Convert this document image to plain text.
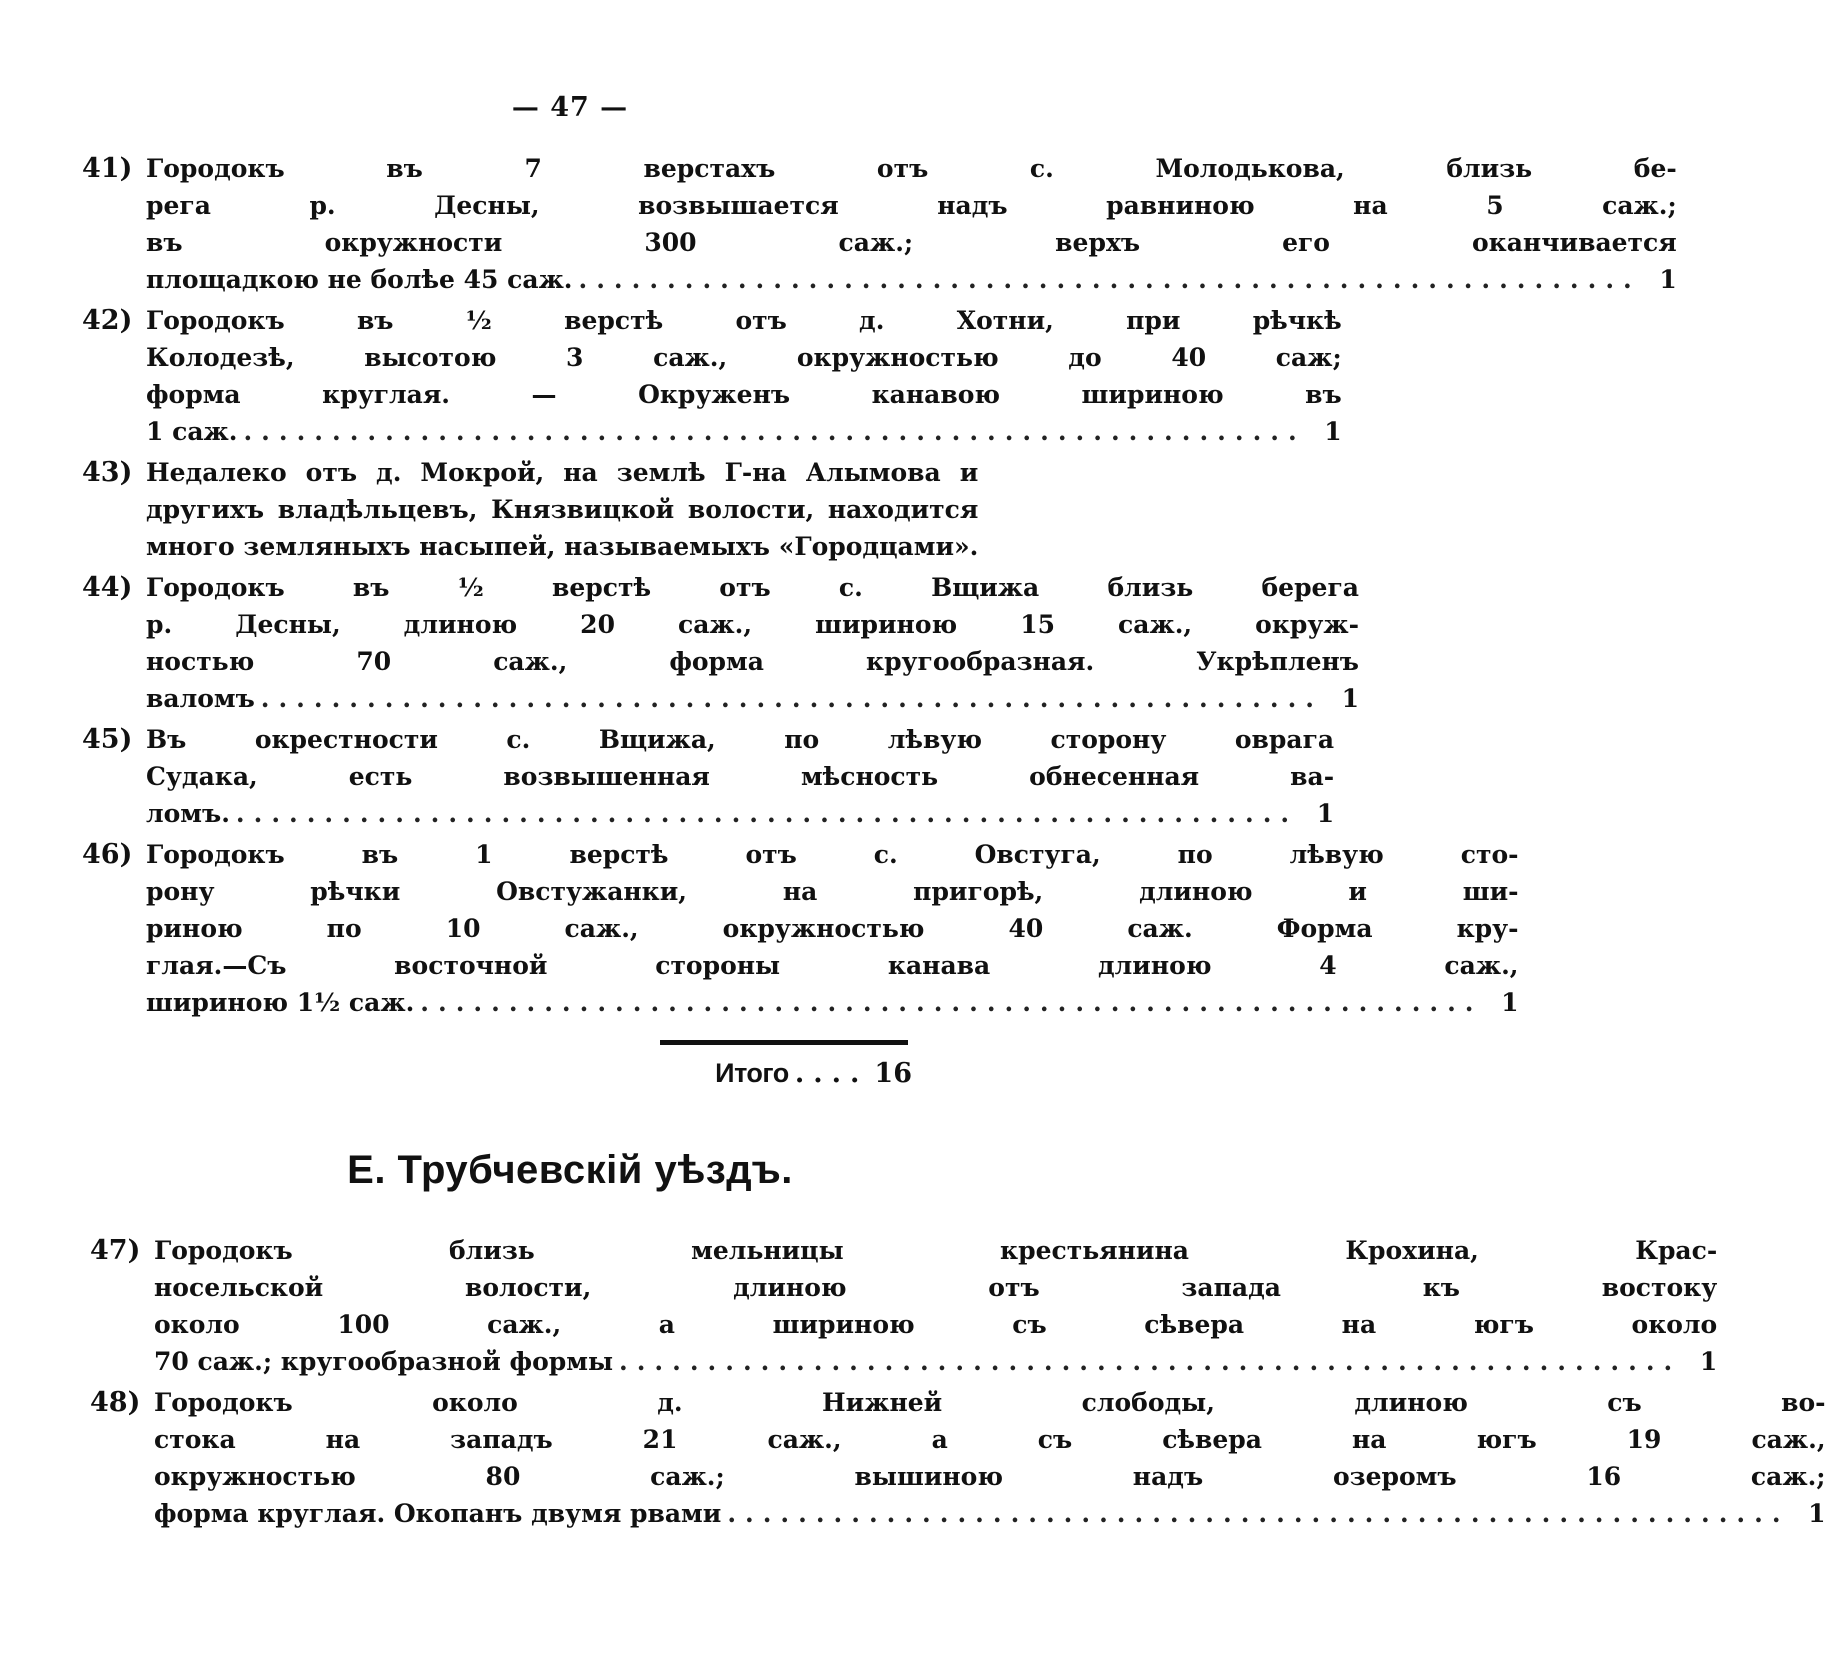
— 47 —
41) Городокъ въ 7 верстахъ отъ с. Молодькова, близь бе-
рега р. Десны, возвышается надъ равниною на 5 саж.;
въ окружности 300 саж.; верхъ его оканчивается
площадкою не болѣе 45 саж. ............................................................ 1
42) Городокъ въ ½ верстѣ отъ д. Хотни, при рѣчкѣ
Колодезѣ, высотою 3 саж., окружностью до 40 саж;
форма круглая. — Окруженъ канавою шириною въ
1 саж. ............................................................ 1
43) Недалеко отъ д. Мокрой, на землѣ Г-на Алымова и
другихъ владѣльцевъ, Князвицкой волости, находится
много земляныхъ насыпей, называемыхъ «Городцами».
44) Городокъ въ ½ верстѣ отъ с. Вщижа близь берега
р. Десны, длиною 20 саж., шириною 15 саж., окруж-
ностью 70 саж., форма кругообразная. Укрѣпленъ
валомъ ............................................................ 1
45) Въ окрестности с. Вщижа, по лѣвую сторону оврага
Судака, есть возвышенная мѣсность обнесенная ва-
ломъ. ............................................................ 1
46) Городокъ въ 1 верстѣ отъ с. Овстуга, по лѣвую сто-
рону рѣчки Овстужанки, на пригорѣ, длиною и ши-
риною по 10 саж., окружностью 40 саж. Форма кру-
глая.—Съ восточной стороны канава длиною 4 саж.,
шириною 1½ саж. ............................................................ 1
Итого .... 16
Е. Трубчевскій уѣздъ.
47) Городокъ близь мельницы крестьянина Крохина, Крас-
носельской волости, длиною отъ запада къ востоку
около 100 саж., а шириною съ сѣвера на югъ около
70 саж.; кругообразной формы ............................................................ 1
48) Городокъ около д. Нижней слободы, длиною съ во-
стока на западъ 21 саж., а съ сѣвера на югъ 19 саж.,
окружностью 80 саж.; вышиною надъ озеромъ 16 саж.;
форма круглая. Окопанъ двумя рвами ............................................................ 1
